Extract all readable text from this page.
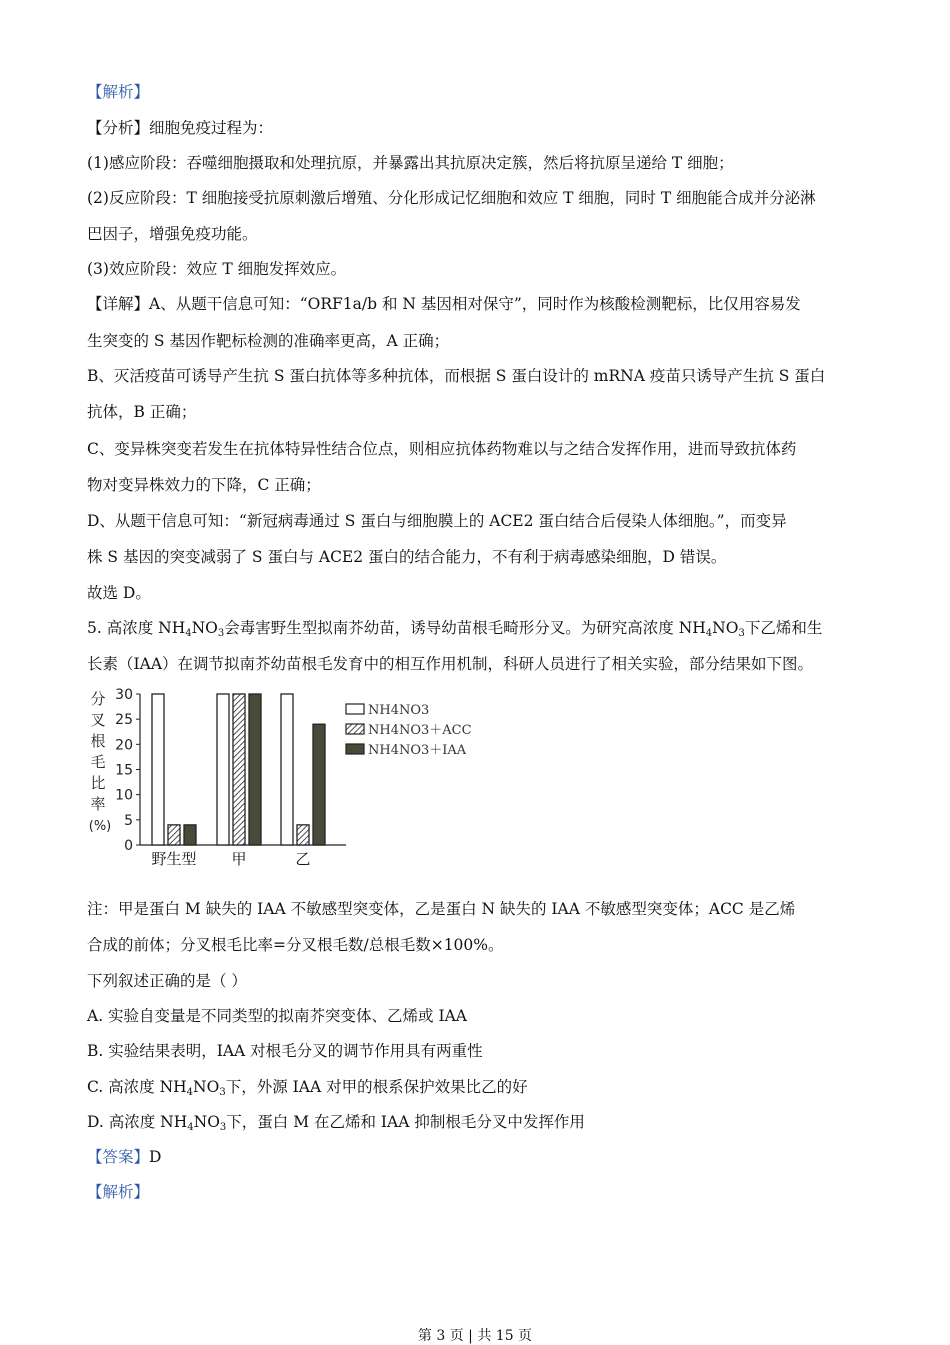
【解析】
【分析】细胞免疫过程为：
(1)感应阶段：吞噬细胞摄取和处理抗原，并暴露出其抗原决定簇，然后将抗原呈递给 T 细胞；
(2)反应阶段：T 细胞接受抗原刺激后增殖、分化形成记忆细胞和效应 T 细胞，同时 T 细胞能合成并分泌淋
巴因子，增强免疫功能。
(3)效应阶段：效应 T 细胞发挥效应。
【详解】A、从题干信息可知：“ORF1a/b 和 N 基因相对保守”，同时作为核酸检测靶标，比仅用容易发
生突变的 S 基因作靶标检测的准确率更高，A 正确；
B、灭活疫苗可诱导产生抗 S 蛋白抗体等多种抗体，而根据 S 蛋白设计的 mRNA 疫苗只诱导产生抗 S 蛋白
抗体，B 正确；
C、变异株突变若发生在抗体特异性结合位点，则相应抗体药物难以与之结合发挥作用，进而导致抗体药
物对变异株效力的下降，C 正确；
D、从题干信息可知：“新冠病毒通过 S 蛋白与细胞膜上的 ACE2 蛋白结合后侵染人体细胞。”，而变异
株 S 基因的突变减弱了 S 蛋白与 ACE2 蛋白的结合能力，不有利于病毒感染细胞，D 错误。
故选 D。
5. 高浓度 $NH_4NO_3$会毒害野生型拟南芥幼苗，诱导幼苗根毛畸形分叉。为研究高浓度 $NH_4NO_3$下乙烯和生
长素（IAA）在调节拟南芥幼苗根毛发育中的相互作用机制，科研人员进行了相关实验，部分结果如下图。
分
叉
根
毛
比
率
(%)
0
5
10
15
20
25
30
野生型 甲	乙
NH4NO3
NH4NO3＋ACC
NH4NO3＋IAA
注：甲是蛋白 M 缺失的 IAA 不敏感型突变体，乙是蛋白 N 缺失的 IAA 不敏感型突变体；ACC 是乙烯
合成的前体；分叉根毛比率=分叉根毛数/总根毛数×100%。
下列叙述正确的是（ ）
A. 实验自变量是不同类型的拟南芥突变体、乙烯或 IAA
B. 实验结果表明，IAA 对根毛分叉的调节作用具有两重性
C. 高浓度 $NH_4NO_3$下，外源 IAA 对甲的根系保护效果比乙的好
D. 高浓度 $NH_4NO_3$下，蛋白 M 在乙烯和 IAA 抑制根毛分叉中发挥作用
【答案】D
【解析】
第 3 页 | 共 15 页
